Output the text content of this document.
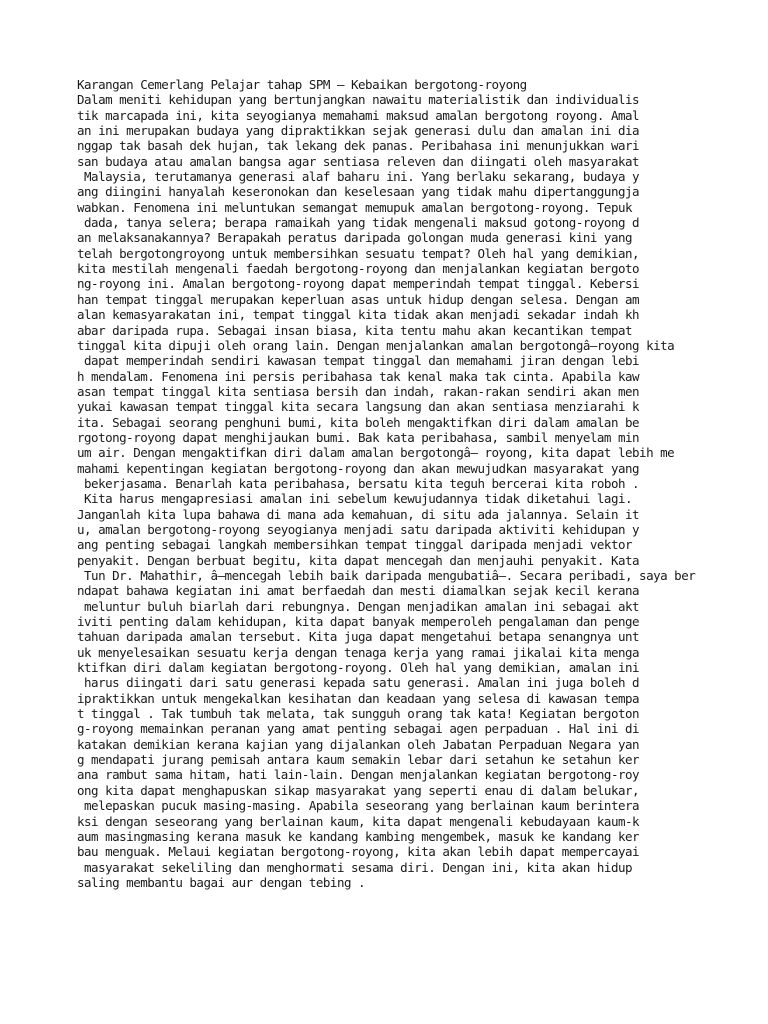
Karangan Cemerlang Pelajar tahap SPM – Kebaikan bergotong-royong

Dalam meniti kehidupan yang bertunjangkan nawaitu materialistik dan individualis

tik marcapada ini, kita seyogianya memahami maksud amalan bergotong royong. Amal

an ini merupakan budaya yang dipraktikkan sejak generasi dulu dan amalan ini dia

nggap tak basah dek hujan, tak lekang dek panas. Peribahasa ini menunjukkan wari

san budaya atau amalan bangsa agar sentiasa releven dan diingati oleh masyarakat

Malaysia, terutamanya generasi alaf baharu ini. Yang berlaku sekarang, budaya y

ang diingini hanyalah keseronokan dan keselesaan yang tidak mahu dipertanggungja

wabkan. Fenomena ini meluntukan semangat memupuk amalan bergotong-royong. Tepuk

dada, tanya selera; berapa ramaikah yang tidak mengenali maksud gotong-royong d

an melaksanakannya? Berapakah peratus daripada golongan muda generasi kini yang

telah bergotongroyong untuk membersihkan sesuatu tempat? Oleh hal yang demikian,

kita mestilah mengenali faedah bergotong-royong dan menjalankan kegiatan bergoto

ng-royong ini. Amalan bergotong-royong dapat memperindah tempat tinggal. Kebersi

han tempat tinggal merupakan keperluan asas untuk hidup dengan selesa. Dengan am

alan kemasyarakatan ini, tempat tinggal kita tidak akan menjadi sekadar indah kh

abar daripada rupa. Sebagai insan biasa, kita tentu mahu akan kecantikan tempat

tinggal kita dipuji oleh orang lain. Dengan menjalankan amalan bergotongâ–royong kita

dapat memperindah sendiri kawasan tempat tinggal dan memahami jiran dengan lebi

h mendalam. Fenomena ini persis peribahasa tak kenal maka tak cinta. Apabila kaw

asan tempat tinggal kita sentiasa bersih dan indah, rakan-rakan sendiri akan men

yukai kawasan tempat tinggal kita secara langsung dan akan sentiasa menziarahi k

ita. Sebagai seorang penghuni bumi, kita boleh mengaktifkan diri dalam amalan be

rgotong-royong dapat menghijaukan bumi. Bak kata peribahasa, sambil menyelam min

um air. Dengan mengaktifkan diri dalam amalan bergotongâ– royong, kita dapat lebih me

mahami kepentingan kegiatan bergotong-royong dan akan mewujudkan masyarakat yang

bekerjasama. Benarlah kata peribahasa, bersatu kita teguh bercerai kita roboh .

Kita harus mengapresiasi amalan ini sebelum kewujudannya tidak diketahui lagi.

Janganlah kita lupa bahawa di mana ada kemahuan, di situ ada jalannya. Selain it

u, amalan bergotong-royong seyogianya menjadi satu daripada aktiviti kehidupan y

ang penting sebagai langkah membersihkan tempat tinggal daripada menjadi vektor

penyakit. Dengan berbuat begitu, kita dapat mencegah dan menjauhi penyakit. Kata

Tun Dr. Mahathir, â–mencegah lebih baik daripada mengubatiâ–. Secara peribadi, saya ber

ndapat bahawa kegiatan ini amat berfaedah dan mesti diamalkan sejak kecil kerana

meluntur buluh biarlah dari rebungnya. Dengan menjadikan amalan ini sebagai akt

iviti penting dalam kehidupan, kita dapat banyak memperoleh pengalaman dan penge

tahuan daripada amalan tersebut. Kita juga dapat mengetahui betapa senangnya unt

uk menyelesaikan sesuatu kerja dengan tenaga kerja yang ramai jikalai kita menga

ktifkan diri dalam kegiatan bergotong-royong. Oleh hal yang demikian, amalan ini

harus diingati dari satu generasi kepada satu generasi. Amalan ini juga boleh d

ipraktikkan untuk mengekalkan kesihatan dan keadaan yang selesa di kawasan tempa

t tinggal . Tak tumbuh tak melata, tak sungguh orang tak kata! Kegiatan bergoton

g-royong memainkan peranan yang amat penting sebagai agen perpaduan . Hal ini di

katakan demikian kerana kajian yang dijalankan oleh Jabatan Perpaduan Negara yan

g mendapati jurang pemisah antara kaum semakin lebar dari setahun ke setahun ker

ana rambut sama hitam, hati lain-lain. Dengan menjalankan kegiatan bergotong-roy

ong kita dapat menghapuskan sikap masyarakat yang seperti enau di dalam belukar,

melepaskan pucuk masing-masing. Apabila seseorang yang berlainan kaum berintera

ksi dengan seseorang yang berlainan kaum, kita dapat mengenali kebudayaan kaum-k

aum masingmasing kerana masuk ke kandang kambing mengembek, masuk ke kandang ker

bau menguak. Melaui kegiatan bergotong-royong, kita akan lebih dapat mempercayai

masyarakat sekeliling dan menghormati sesama diri. Dengan ini, kita akan hidup

saling membantu bagai aur dengan tebing .
